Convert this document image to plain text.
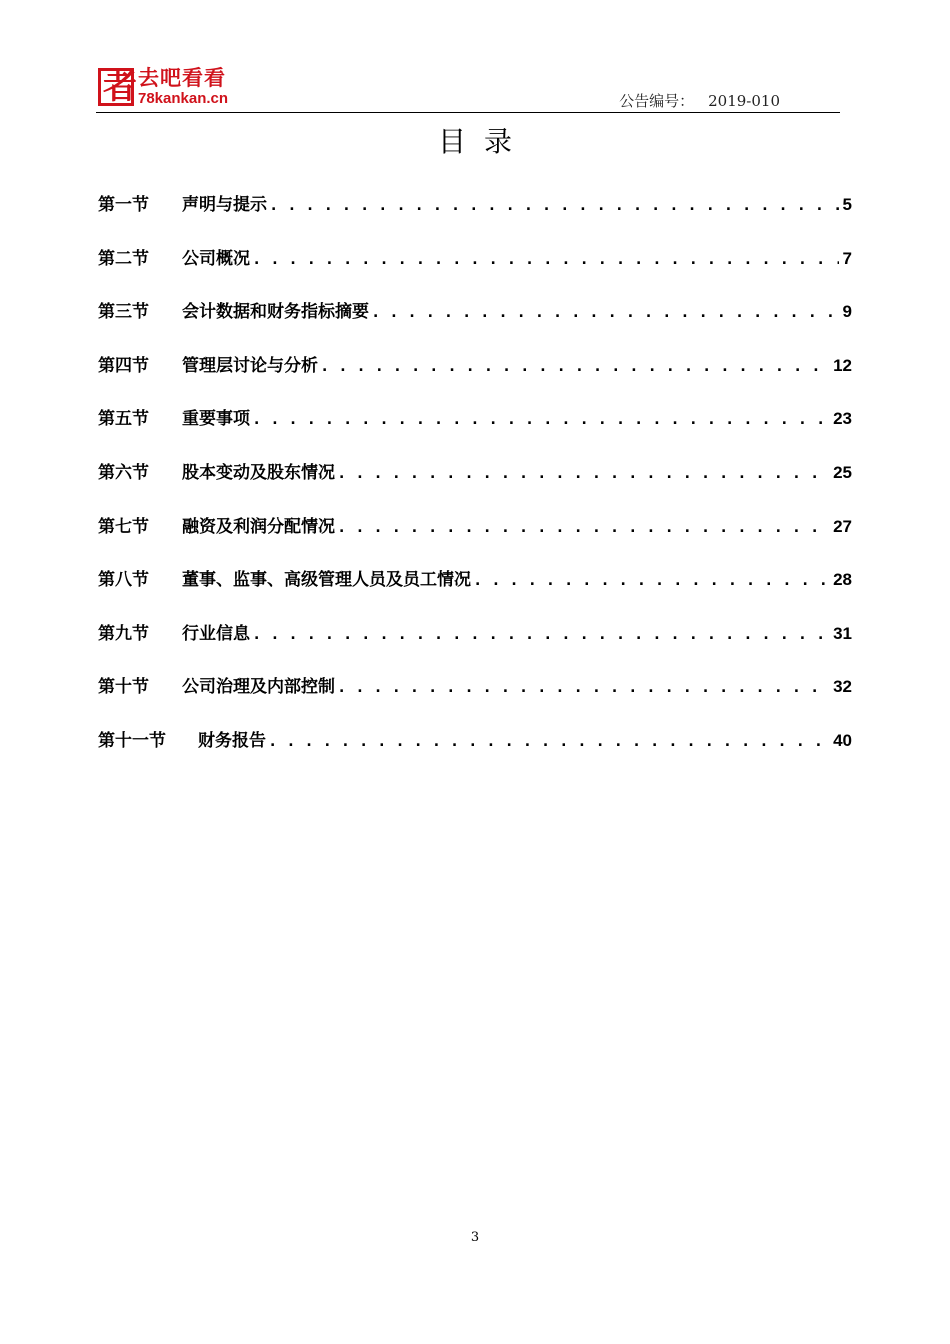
者 去吧看看
78kankan.cn	公告编号： 2019-010
目录
第一节	声明与提示 . . .	5
第二节	公司概况 . . .	7
第三节	会计数据和财务指标摘要 . . .	9
第四节	管理层讨论与分析 . . .	12
第五节	重要事项 . . .	23
第六节	股本变动及股东情况 . . .	25
第七节	融资及利润分配情况 . . .	27
第八节	董事、监事、高级管理人员及员工情况 . . .	28
第九节	行业信息 . . .	31
第十节	公司治理及内部控制 . . .	32
第十一节	财务报告 . . .	40
3
